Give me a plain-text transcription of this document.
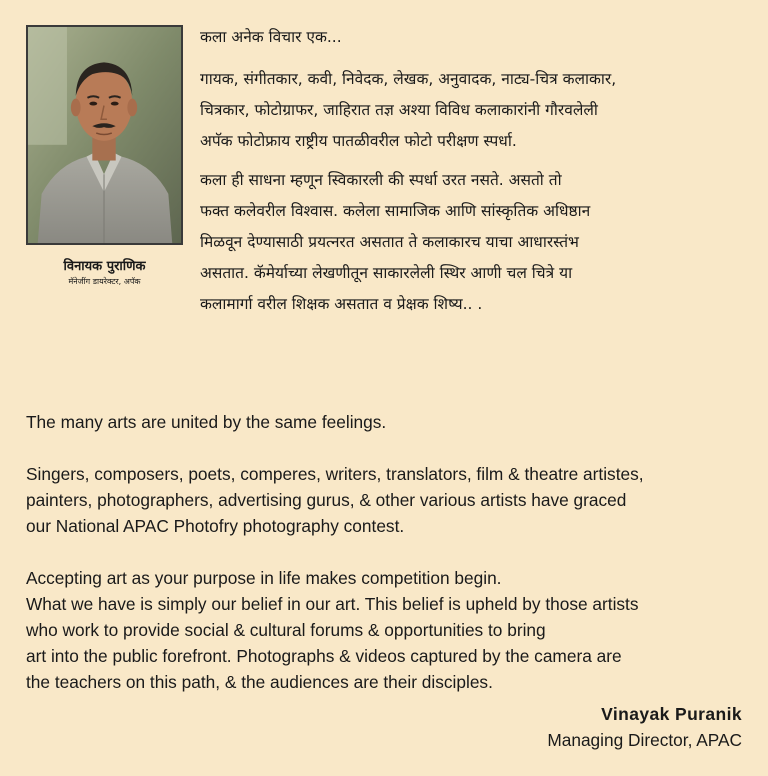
विनायक पुराणिक
मॅनेजींग डायरेक्टर, अपॅक

कला अनेक विचार एक...

गायक, संगीतकार, कवी, निवेदक, लेखक, अनुवादक, नाट्य-चित्र कलाकार,

चित्रकार, फोटोग्राफर, जाहिरात तज्ञ अश्या विविध कलाकारांनी गौरवलेली

अपॅक फोटोफ्राय राष्ट्रीय पातळीवरील फोटो परीक्षण स्पर्धा.

कला ही साधना म्हणून स्विकारली की स्पर्धा उरत नसते. असतो तो

फक्त कलेवरील विश्वास. कलेला सामाजिक आणि सांस्कृतिक अधिष्ठान

मिळवून देण्यासाठी प्रयत्नरत असतात ते कलाकारच याचा आधारस्तंभ

असतात. कॅमेर्याच्या लेखणीतून साकारलेली स्थिर आणी चल चित्रे या

कलामार्गा वरील शिक्षक असतात व प्रेक्षक शिष्य.. .

The many arts are united by the same feelings.

Singers, composers, poets, comperes, writers, translators, film & theatre artistes,

painters, photographers, advertising gurus, & other various artists have graced

our National APAC Photofry photography contest.

Accepting art as your purpose in life makes competition begin.

What we have is simply our belief in our art. This belief is upheld by those artists

who work to provide social & cultural forums & opportunities to bring

art into the public forefront. Photographs & videos captured by the camera are

the teachers on this path, & the audiences are their disciples.

Vinayak Puranik
Managing Director, APAC
